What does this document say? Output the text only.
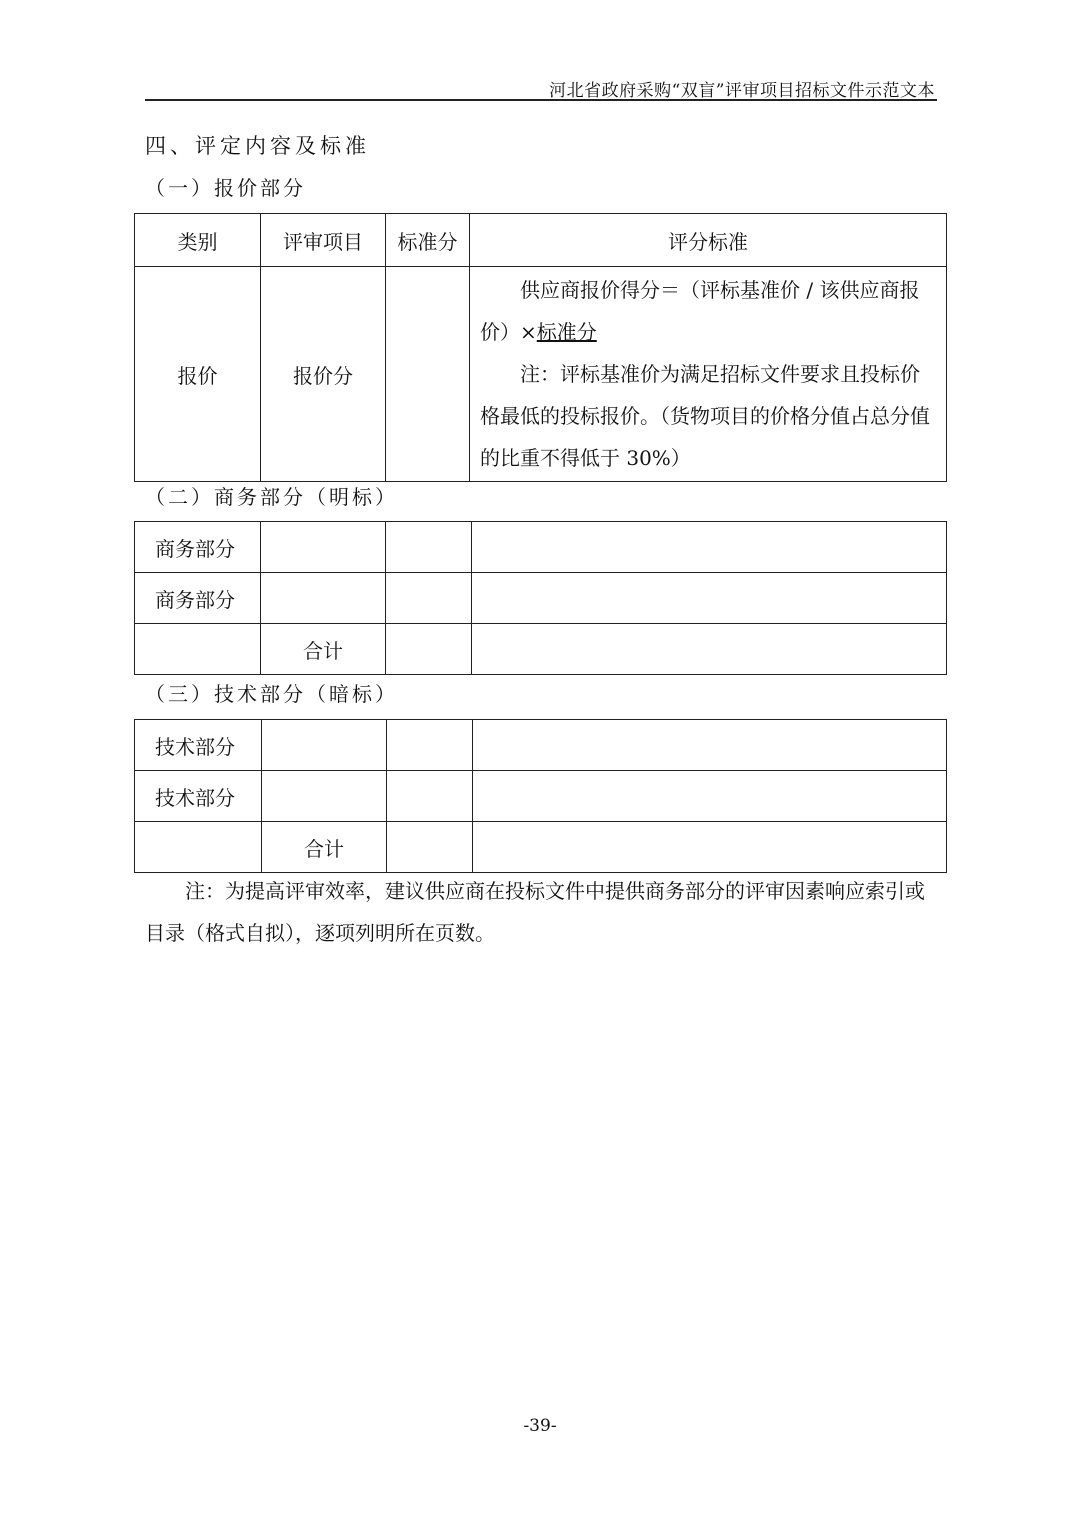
河北省政府采购“双盲”评审项目招标文件示范文本
四、评定内容及标准
（一）报价部分
类别	评审项目	标准分	评分标准
报价	报价分		供应商报价得分＝（评标基准价 / 该供应商报价）×标准分

注：评标基准价为满足招标文件要求且投标价格最低的投标报价。（货物项目的价格分值占总分值的比重不得低于 30%）

（二）商务部分（明标）
商务部分			
商务部分			
	合计		
（三）技术部分（暗标）
技术部分			
技术部分			
	合计		

注：为提高评审效率，建议供应商在投标文件中提供商务部分的评审因素响应索引或目录（格式自拟），逐项列明所在页数。

-39-
